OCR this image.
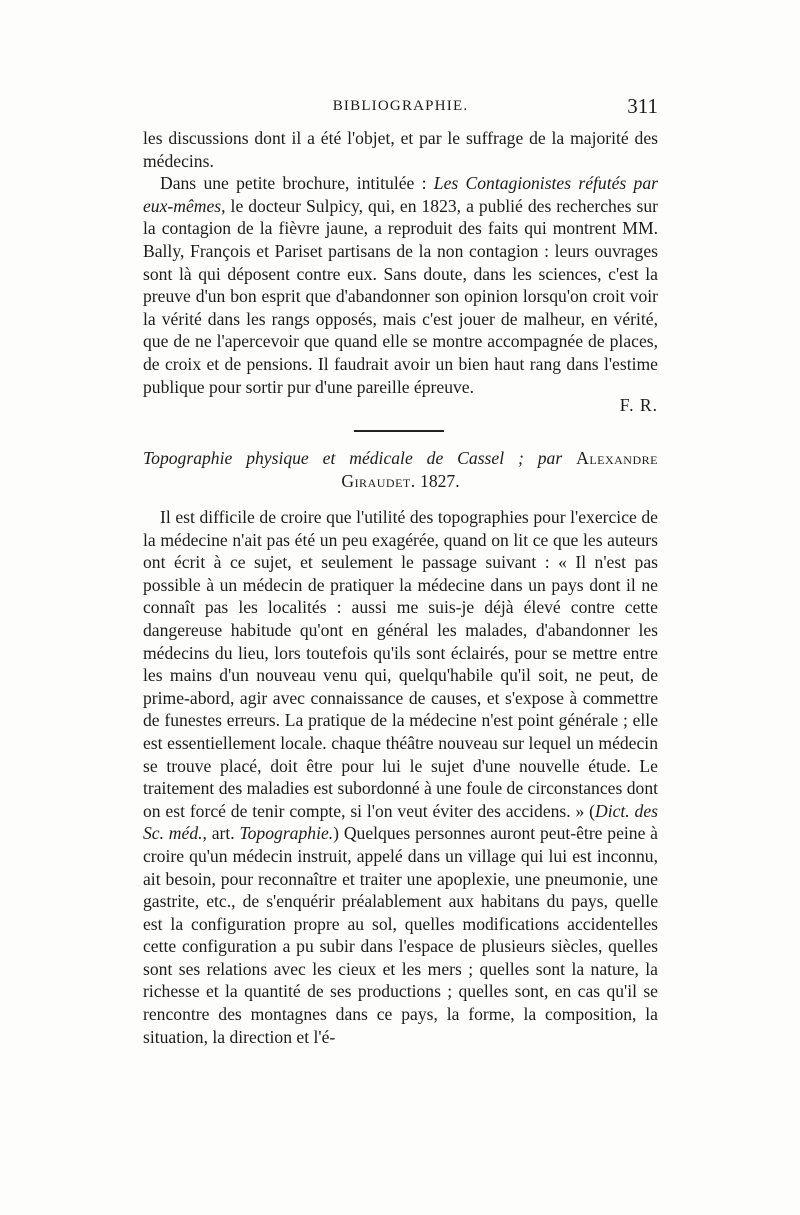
BIBLIOGRAPHIE.	311

les discussions dont il a été l'objet, et par le suffrage de la majorité des médecins.

Dans une petite brochure, intitulée : Les Contagionistes réfutés par eux-mêmes, le docteur Sulpicy, qui, en 1823, a publié des recherches sur la contagion de la fièvre jaune, a reproduit des faits qui montrent MM. Bally, François et Pariset partisans de la non contagion : leurs ouvrages sont là qui déposent contre eux. Sans doute, dans les sciences, c'est la preuve d'un bon esprit que d'abandonner son opinion lorsqu'on croit voir la vérité dans les rangs opposés, mais c'est jouer de malheur, en vérité, que de ne l'apercevoir que quand elle se montre accompagnée de places, de croix et de pensions. Il faudrait avoir un bien haut rang dans l'estime publique pour sortir pur d'une pareille épreuve.

F. R.
Topographie physique et médicale de Cassel ; par Alexandre
Giraudet. 1827.

Il est difficile de croire que l'utilité des topographies pour l'exercice de la médecine n'ait pas été un peu exagérée, quand on lit ce que les auteurs ont écrit à ce sujet, et seulement le passage suivant : « Il n'est pas possible à un médecin de pratiquer la médecine dans un pays dont il ne connaît pas les localités : aussi me suis-je déjà élevé contre cette dangereuse habitude qu'ont en général les malades, d'abandonner les médecins du lieu, lors toutefois qu'ils sont éclairés, pour se mettre entre les mains d'un nouveau venu qui, quelqu'habile qu'il soit, ne peut, de prime-abord, agir avec connaissance de causes, et s'expose à commettre de funestes erreurs. La pratique de la médecine n'est point générale ; elle est essentiellement locale. chaque théâtre nouveau sur lequel un médecin se trouve placé, doit être pour lui le sujet d'une nouvelle étude. Le traitement des maladies est subordonné à une foule de circonstances dont on est forcé de tenir compte, si l'on veut éviter des accidens. » (Dict. des Sc. méd., art. Topographie.) Quelques personnes auront peut-être peine à croire qu'un médecin instruit, appelé dans un village qui lui est inconnu, ait besoin, pour reconnaître et traiter une apoplexie, une pneumonie, une gastrite, etc., de s'enquérir préalablement aux habitans du pays, quelle est la configuration propre au sol, quelles modifications accidentelles cette configuration a pu subir dans l'espace de plusieurs siècles, quelles sont ses relations avec les cieux et les mers ; quelles sont la nature, la richesse et la quantité de ses productions ; quelles sont, en cas qu'il se rencontre des montagnes dans ce pays, la forme, la composition, la situation, la direction et l'é-
